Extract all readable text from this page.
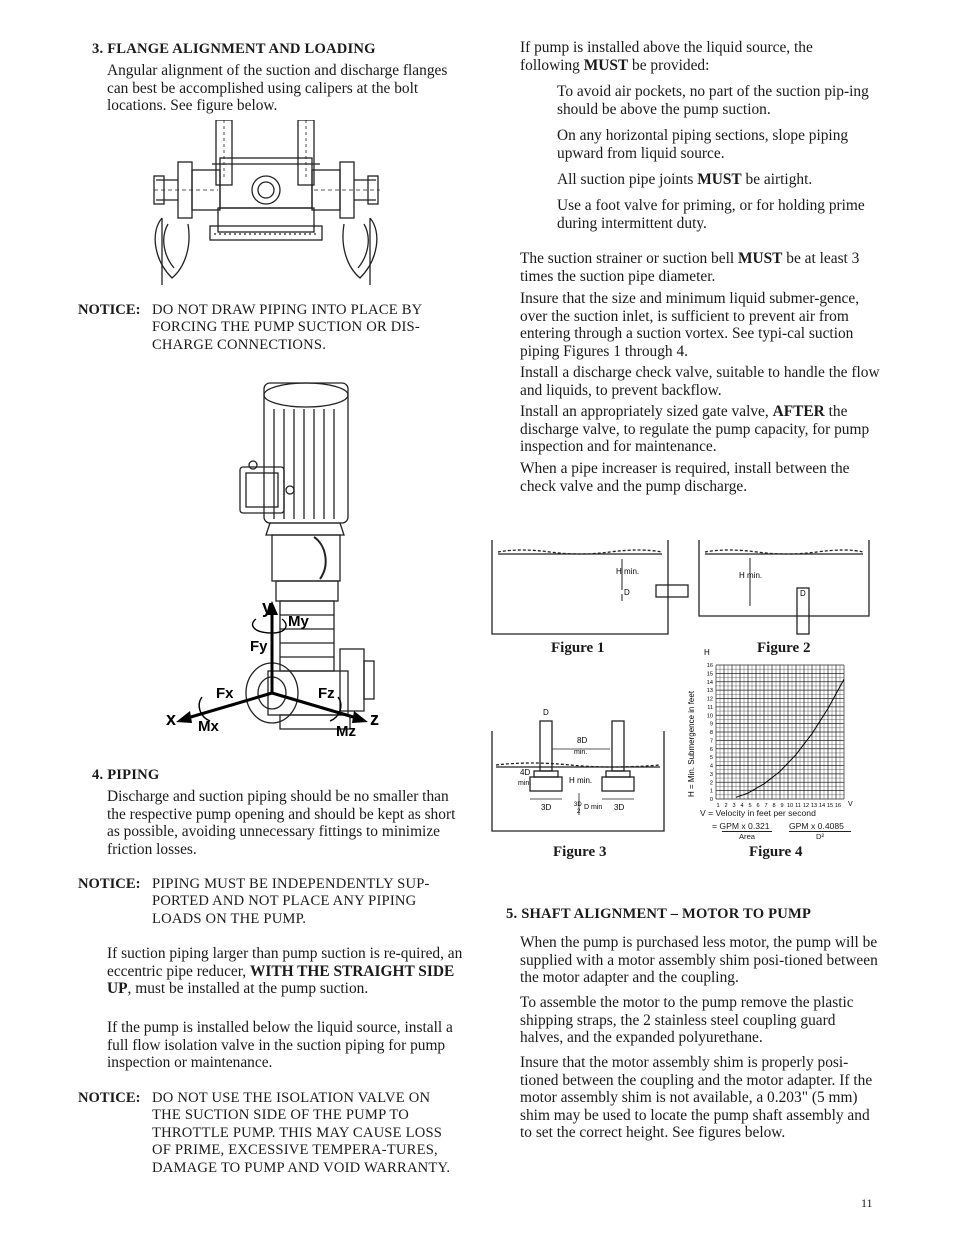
3. FLANGE ALIGNMENT AND LOADING

Angular alignment of the suction and discharge flanges can best be accomplished using calipers at the bolt locations. See figure below.

NOTICE: DO NOT DRAW PIPING INTO PLACE BY FORCING THE PUMP SUCTION OR DIS-CHARGE CONNECTIONS.
y
My
Fy
Fx	Fz
x Mx	Mz
z
4. PIPING

Discharge and suction piping should be no smaller than the respective pump opening and should be kept as short as possible, avoiding unnecessary fittings to minimize friction losses.

NOTICE: PIPING MUST BE INDEPENDENTLY SUP-PORTED AND NOT PLACE ANY PIPING LOADS ON THE PUMP.

If suction piping larger than pump suction is re-quired, an eccentric pipe reducer, WITH THE STRAIGHT SIDE UP, must be installed at the pump suction.

If the pump is installed below the liquid source, install a full flow isolation valve in the suction piping for pump inspection or maintenance.

NOTICE: DO NOT USE THE ISOLATION VALVE ON THE SUCTION SIDE OF THE PUMP TO THROTTLE PUMP. THIS MAY CAUSE LOSS OF PRIME, EXCESSIVE TEMPERA-TURES, DAMAGE TO PUMP AND VOID WARRANTY.

If pump is installed above the liquid source, the following MUST be provided:

To avoid air pockets, no part of the suction pip-ing should be above the pump suction.

On any horizontal piping sections, slope piping upward from liquid source.

All suction pipe joints MUST be airtight.

Use a foot valve for priming, or for holding prime during intermittent duty.

The suction strainer or suction bell MUST be at least 3 times the suction pipe diameter.

Insure that the size and minimum liquid submer-gence, over the suction inlet, is sufficient to prevent air from entering through a suction vortex. See typi-cal suction piping Figures 1 through 4.

Install a discharge check valve, suitable to handle the flow and liquids, to prevent backflow.

Install an appropriately sized gate valve, AFTER the discharge valve, to regulate the pump capacity, for pump inspection and for maintenance.

When a pipe increaser is required, install between the check valve and the pump discharge.

H min.
D
Figure 1
H min.
D
Figure 2
D
8D
min.
4D
min.	H min.
3D	3D
2
D min 3D
Figure 3
H
H = Min. Submergence in feet
0
1
2
3
4
5
6
7
8
9
10
11
12
13
14
15
16
1 2 3 4 5 6 7 8 9 10 11 12 13 14 15 16 V
V = Velocity in feet per second
= GPM x 0.321
Area
GPM x 0.4085
D²
Figure 4
5. SHAFT ALIGNMENT – MOTOR TO PUMP

When the pump is purchased less motor, the pump will be supplied with a motor assembly shim posi-tioned between the motor adapter and the coupling.

To assemble the motor to the pump remove the plastic shipping straps, the 2 stainless steel coupling guard halves, and the expanded polyurethane.

Insure that the motor assembly shim is properly posi-tioned between the coupling and the motor adapter. If the motor assembly shim is not available, a 0.203" (5 mm) shim may be used to locate the pump shaft assembly and to set the correct height. See figures below.

11
